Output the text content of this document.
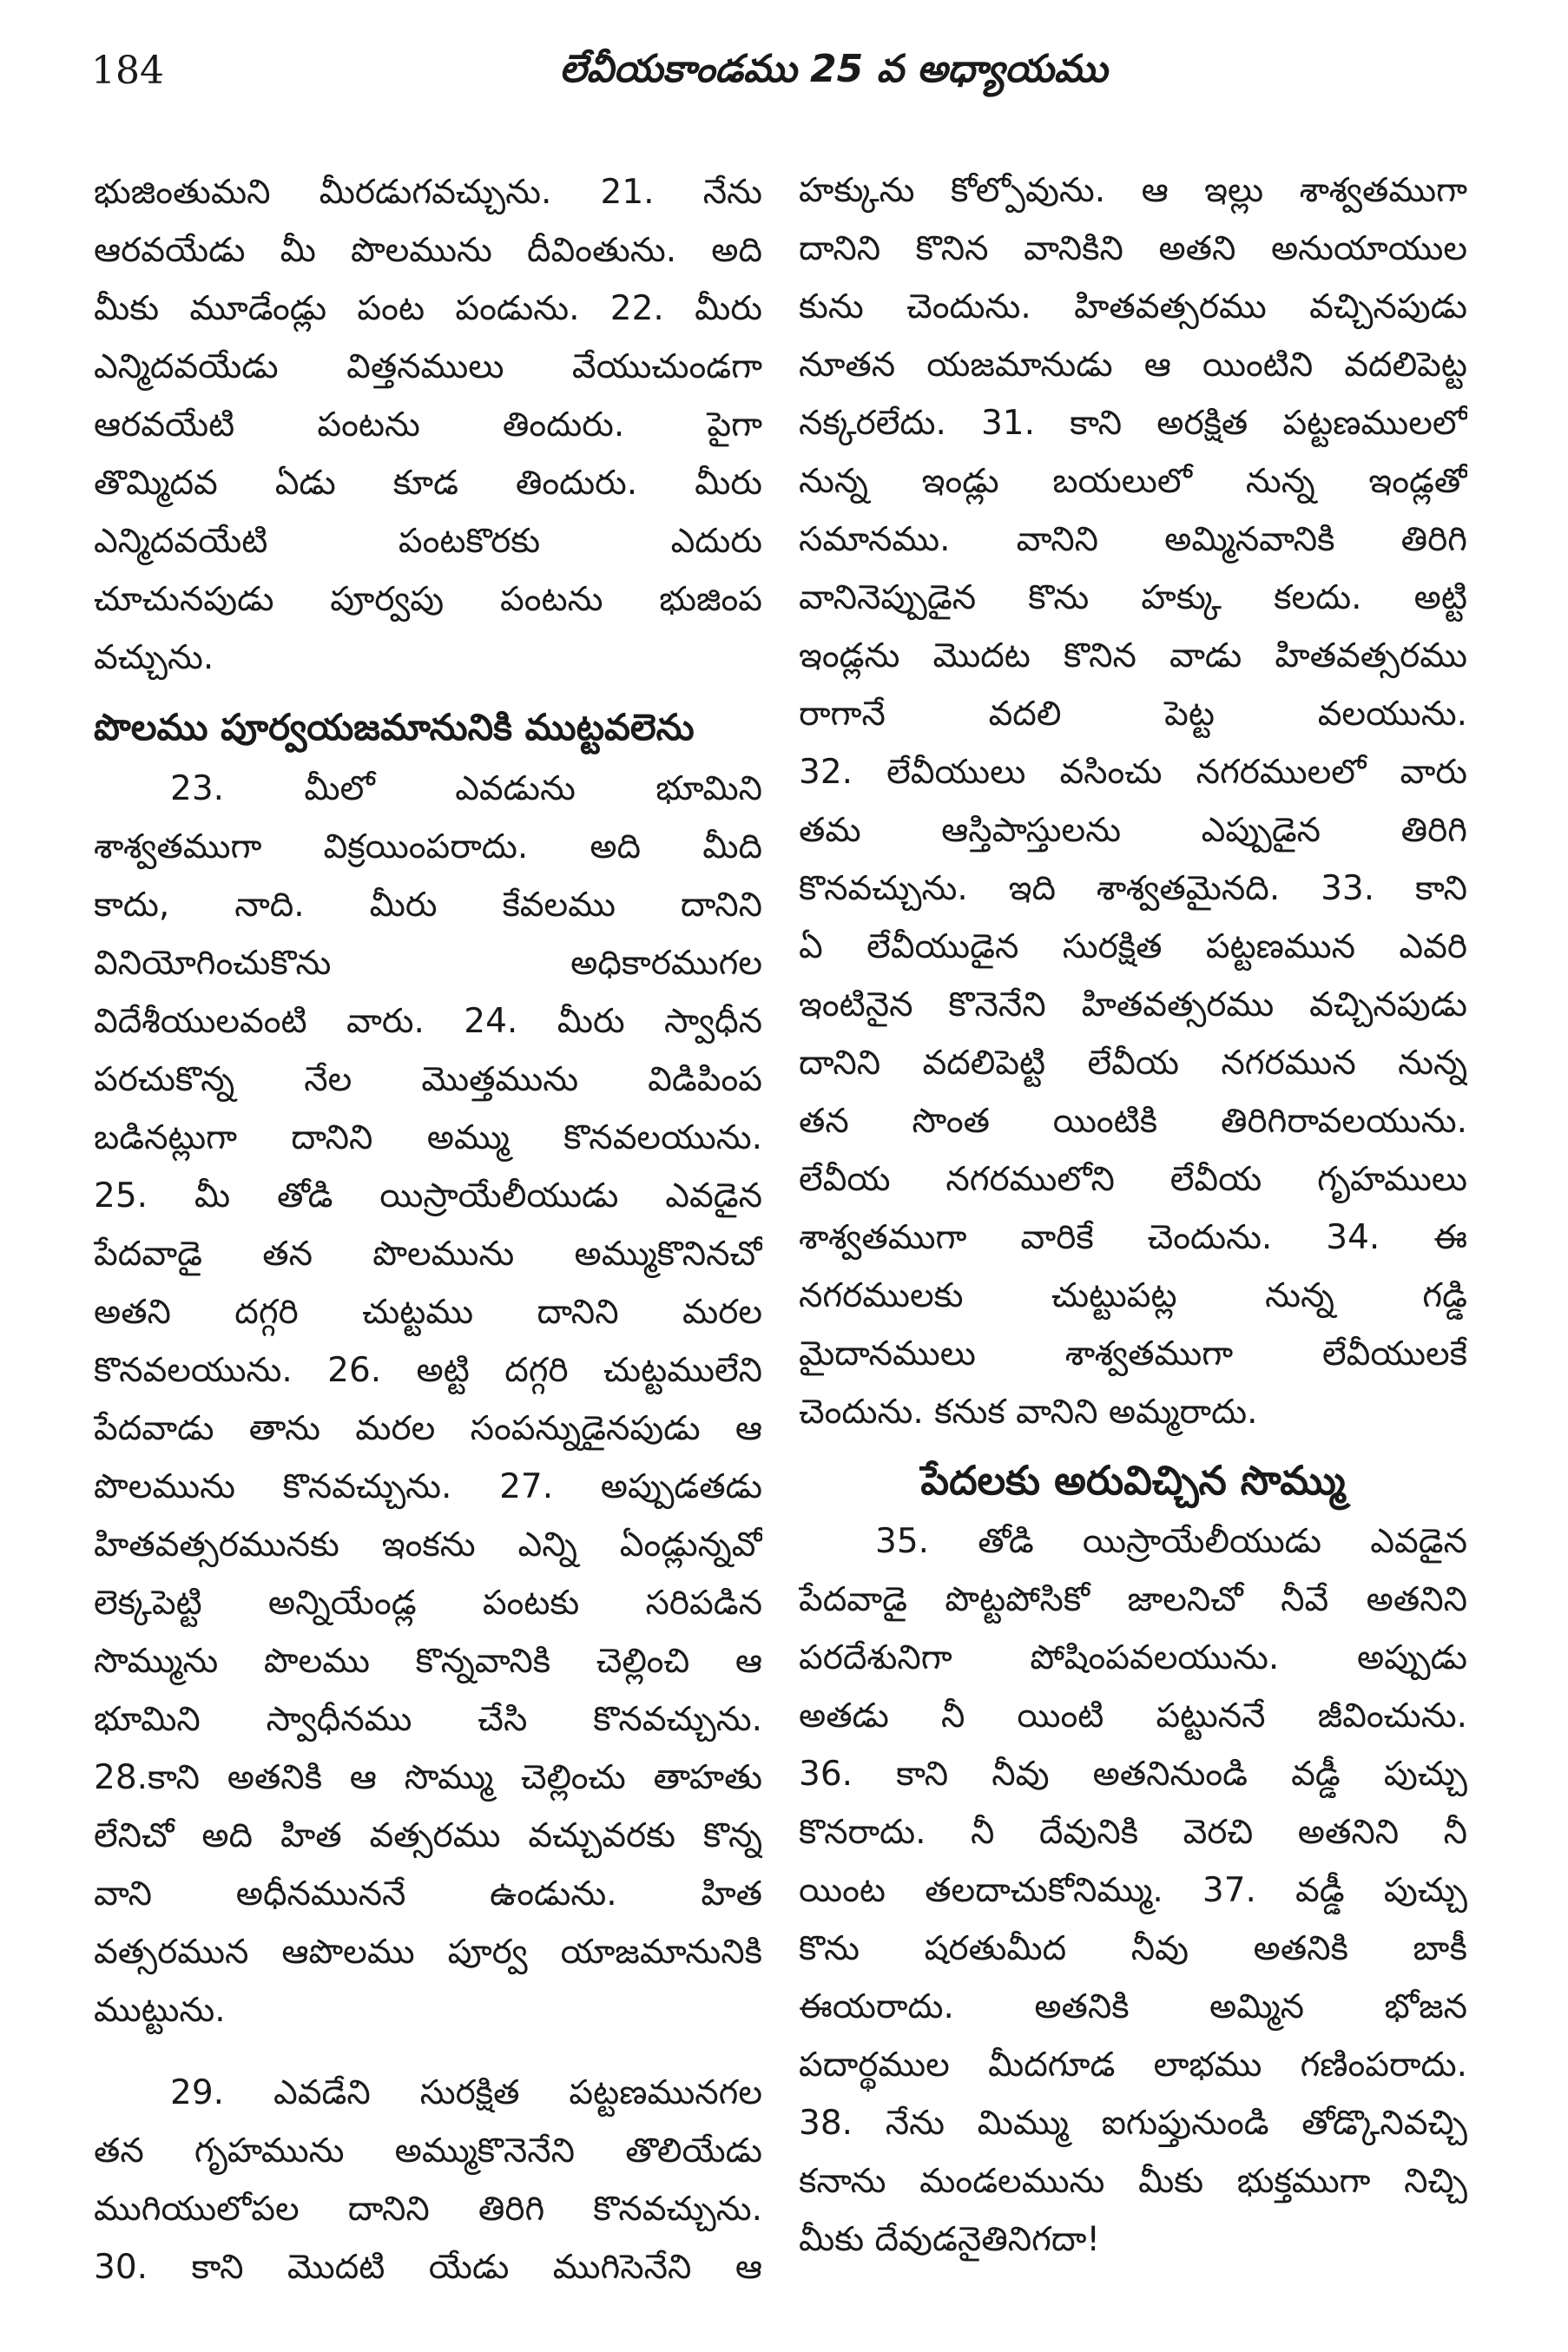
184	లేవీయకాండము 25 వ అధ్యాయము
భుజింతుమని మీరడుగవచ్చును. 21. నేను
ఆరవయేడు మీ పొలమును దీవింతును. అది
మీకు మూడేండ్లు పంట పండును. 22. మీరు
ఎన్మిదవయేడు విత్తనములు వేయుచుండగా
ఆరవయేటి పంటను తిందురు. పైగా
తొమ్మిదవ ఏడు కూడ తిందురు. మీరు
ఎన్మిదవయేటి పంటకొరకు ఎదురు
చూచునపుడు పూర్వపు పంటను భుజింప
వచ్చును.
పొలము పూర్వయజమానునికి ముట్టవలెను
23. మీలో ఎవడును భూమిని
శాశ్వతముగా విక్రయింపరాదు. అది మీది
కాదు, నాది. మీరు కేవలము దానిని
వినియోగించుకొను అధికారముగల
విదేశీయులవంటి వారు. 24. మీరు స్వాధీన
పరచుకొన్న నేల మొత్తమును విడిపింప
బడినట్లుగా దానిని అమ్ము కొనవలయును.
25. మీ తోడి యిస్రాయేలీయుడు ఎవడైన
పేదవాడై తన పొలమును అమ్ముకొనినచో
అతని దగ్గరి చుట్టము దానిని మరల
కొనవలయును. 26. అట్టి దగ్గరి చుట్టములేని
పేదవాడు తాను మరల సంపన్నుడైనపుడు ఆ
పొలమును కొనవచ్చును. 27. అప్పుడతడు
హితవత్సరమునకు ఇంకను ఎన్ని ఏండ్లున్నవో
లెక్కపెట్టి అన్నియేండ్ల పంటకు సరిపడిన
సొమ్మును పొలము కొన్నవానికి చెల్లించి ఆ
భూమిని స్వాధీనము చేసి కొనవచ్చును.
28.కాని అతనికి ఆ సొమ్ము చెల్లించు తాహతు
లేనిచో అది హిత వత్సరము వచ్చువరకు కొన్న
వాని అధీనముననే ఉండును. హిత
వత్సరమున ఆపొలము పూర్వ యాజమానునికి
ముట్టును.
29. ఎవడేని సురక్షిత పట్టణమునగల
తన గృహమును అమ్ముకొనెనేని తొలియేడు
ముగియులోపల దానిని తిరిగి కొనవచ్చును.
30. కాని మొదటి యేడు ముగిసెనేని ఆ
హక్కును కోల్పోవును. ఆ ఇల్లు శాశ్వతముగా
దానిని కొనిన వానికిని అతని అనుయాయుల
కును చెందును. హితవత్సరము వచ్చినపుడు
నూతన యజమానుడు ఆ యింటిని వదలిపెట్ట
నక్కరలేదు. 31. కాని అరక్షిత పట్టణములలో
నున్న ఇండ్లు బయలులో నున్న ఇండ్లతో
సమానము. వానిని అమ్మినవానికి తిరిగి
వానినెప్పుడైన కొను హక్కు కలదు. అట్టి
ఇండ్లను మొదట కొనిన వాడు హితవత్సరము
రాగానే వదలి పెట్ట వలయును.
32. లేవీయులు వసించు నగరములలో వారు
తమ ఆస్తిపాస్తులను ఎప్పుడైన తిరిగి
కొనవచ్చును. ఇది శాశ్వతమైనది. 33. కాని
ఏ లేవీయుడైన సురక్షిత పట్టణమున ఎవరి
ఇంటినైన కొనెనేని హితవత్సరము వచ్చినపుడు
దానిని వదలిపెట్టి లేవీయ నగరమున నున్న
తన సొంత యింటికి తిరిగిరావలయును.
లేవీయ నగరములోని లేవీయ గృహములు
శాశ్వతముగా వారికే చెందును. 34. ఈ
నగరములకు చుట్టుపట్ల నున్న గడ్డి
మైదానములు శాశ్వతముగా లేవీయులకే
చెందును. కనుక వానిని అమ్మరాదు.
పేదలకు అరువిచ్చిన సొమ్ము
35. తోడి యిస్రాయేలీయుడు ఎవడైన
పేదవాడై పొట్టపోసికో జాలనిచో నీవే అతనిని
పరదేశునిగా పోషింపవలయును. అప్పుడు
అతడు నీ యింటి పట్టుననే జీవించును.
36. కాని నీవు అతనినుండి వడ్డీ పుచ్చు
కొనరాదు. నీ దేవునికి వెరచి అతనిని నీ
యింట తలదాచుకోనిమ్ము. 37. వడ్డీ పుచ్చు
కొను షరతుమీద నీవు అతనికి బాకీ
ఈయరాదు. అతనికి అమ్మిన భోజన
పదార్థముల మీదగూడ లాభము గణింపరాదు.
38. నేను మిమ్ము ఐగుప్తునుండి తోడ్కొనివచ్చి
కనాను మండలమును మీకు భుక్తముగా నిచ్చి
మీకు దేవుడనైతినిగదా!
